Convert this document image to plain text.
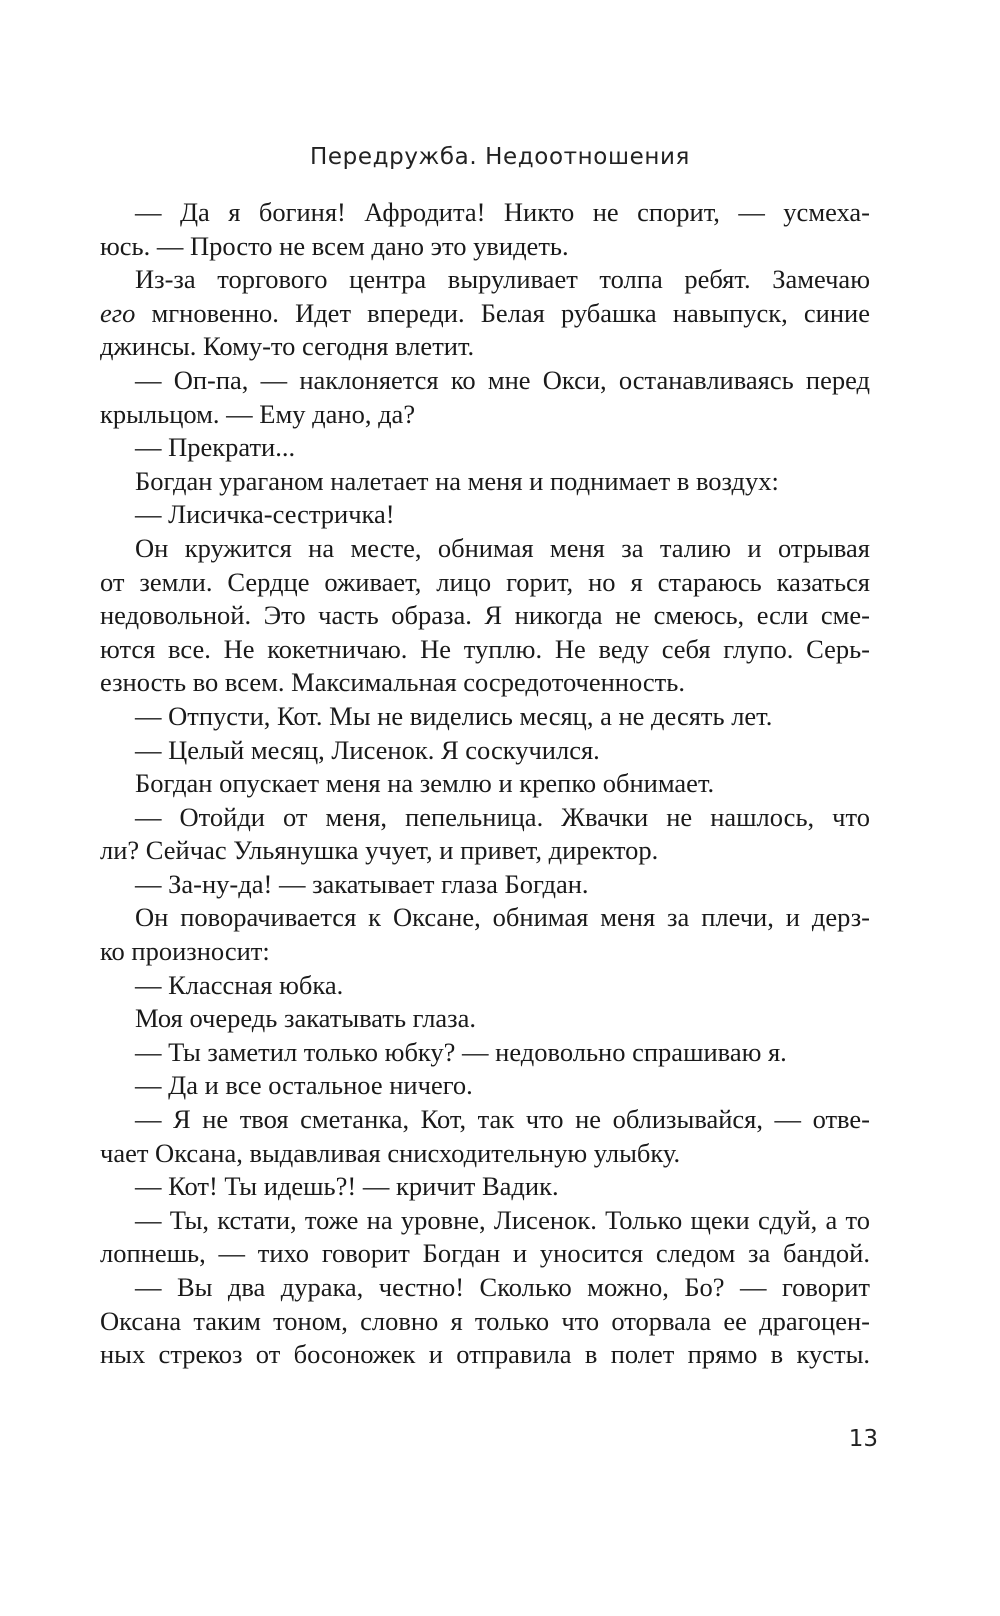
Передружба. Недоотношения
— Да я богиня! Афродита! Никто не спорит, — усмеха-
юсь. — Просто не всем дано это увидеть.
Из-за торгового центра выруливает толпа ребят. Замечаю
его мгновенно. Идет впереди. Белая рубашка навыпуск, синие
джинсы. Кому-то сегодня влетит.
— Оп-па, — наклоняется ко мне Окси, останавливаясь перед
крыльцом. — Ему дано, да?
— Прекрати...
Богдан ураганом налетает на меня и поднимает в воздух:
— Лисичка-сестричка!
Он кружится на месте, обнимая меня за талию и отрывая
от земли. Сердце оживает, лицо горит, но я стараюсь казаться
недовольной. Это часть образа. Я никогда не смеюсь, если сме-
ются все. Не кокетничаю. Не туплю. Не веду себя глупо. Серь-
езность во всем. Максимальная сосредоточенность.
— Отпусти, Кот. Мы не виделись месяц, а не десять лет.
— Целый месяц, Лисенок. Я соскучился.
Богдан опускает меня на землю и крепко обнимает.
— Отойди от меня, пепельница. Жвачки не нашлось, что
ли? Сейчас Ульянушка учует, и привет, директор.
— За-ну-да! — закатывает глаза Богдан.
Он поворачивается к Оксане, обнимая меня за плечи, и дерз-
ко произносит:
— Классная юбка.
Моя очередь закатывать глаза.
— Ты заметил только юбку? — недовольно спрашиваю я.
— Да и все остальное ничего.
— Я не твоя сметанка, Кот, так что не облизывайся, — отве-
чает Оксана, выдавливая снисходительную улыбку.
— Кот! Ты идешь?! — кричит Вадик.
— Ты, кстати, тоже на уровне, Лисенок. Только щеки сдуй, а то
лопнешь, — тихо говорит Богдан и уносится следом за бандой.
— Вы два дурака, честно! Сколько можно, Бо? — говорит
Оксана таким тоном, словно я только что оторвала ее драгоцен-
ных стрекоз от босоножек и отправила в полет прямо в кусты.
13
